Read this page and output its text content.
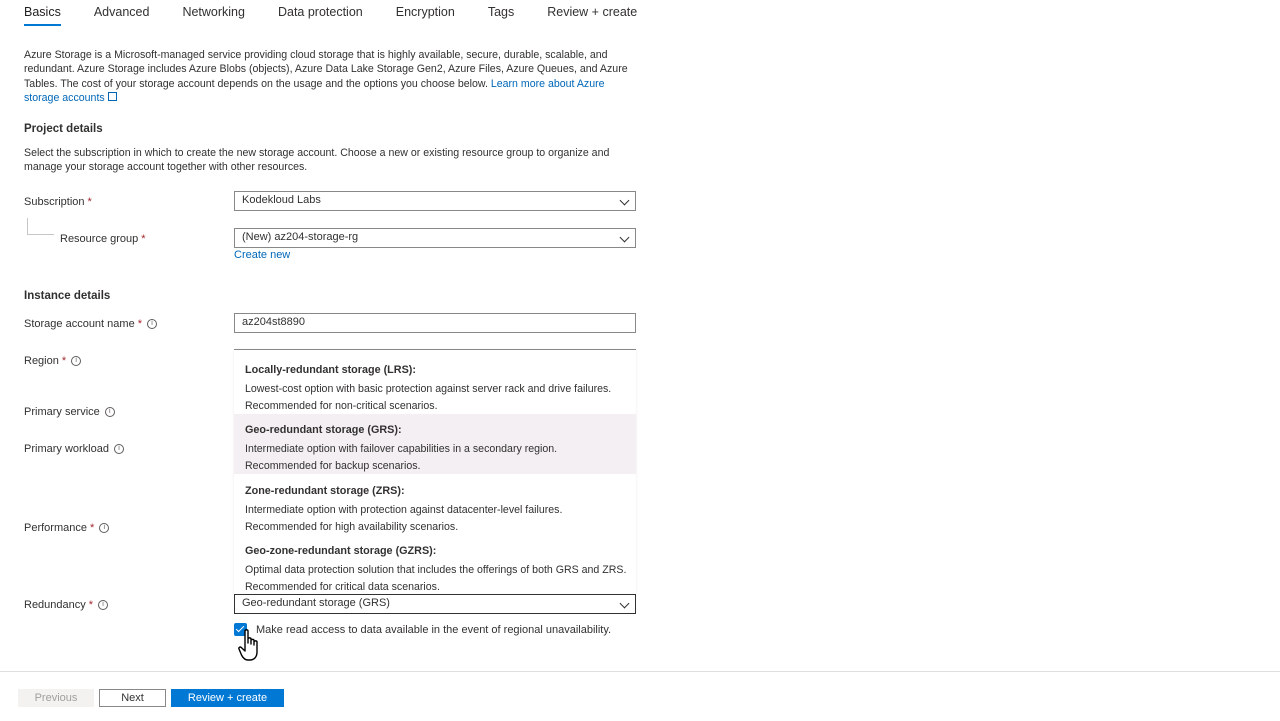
Basics	Advanced	Networking	Data protection	Encryption	Tags	Review + create
Azure Storage is a Microsoft-managed service providing cloud storage that is highly available, secure, durable, scalable, and redundant. Azure Storage includes Azure Blobs (objects), Azure Data Lake Storage Gen2, Azure Files, Azure Queues, and Azure Tables. The cost of your storage account depends on the usage and the options you choose below. Learn more about Azure storage accounts
Project details
Select the subscription in which to create the new storage account. Choose a new or existing resource group to organize and manage your storage account together with other resources.
Subscription *	Kodekloud Labs
Resource group *	(New) az204-storage-rg
Create new
Instance details
Storage account name *	i	az204st8890
Region *	i
Primary service	i
Primary workload	i
Performance *	i
Locally-redundant storage (LRS):
Lowest-cost option with basic protection against server rack and drive failures. Recommended for non-critical scenarios.
Geo-redundant storage (GRS):
Intermediate option with failover capabilities in a secondary region. Recommended for backup scenarios.
Zone-redundant storage (ZRS):
Intermediate option with protection against datacenter-level failures. Recommended for high availability scenarios.
Geo-zone-redundant storage (GZRS):
Optimal data protection solution that includes the offerings of both GRS and ZRS. Recommended for critical data scenarios.
Redundancy *	i	Geo-redundant storage (GRS)
Make read access to data available in the event of regional unavailability.
Previous	Next	Review + create
